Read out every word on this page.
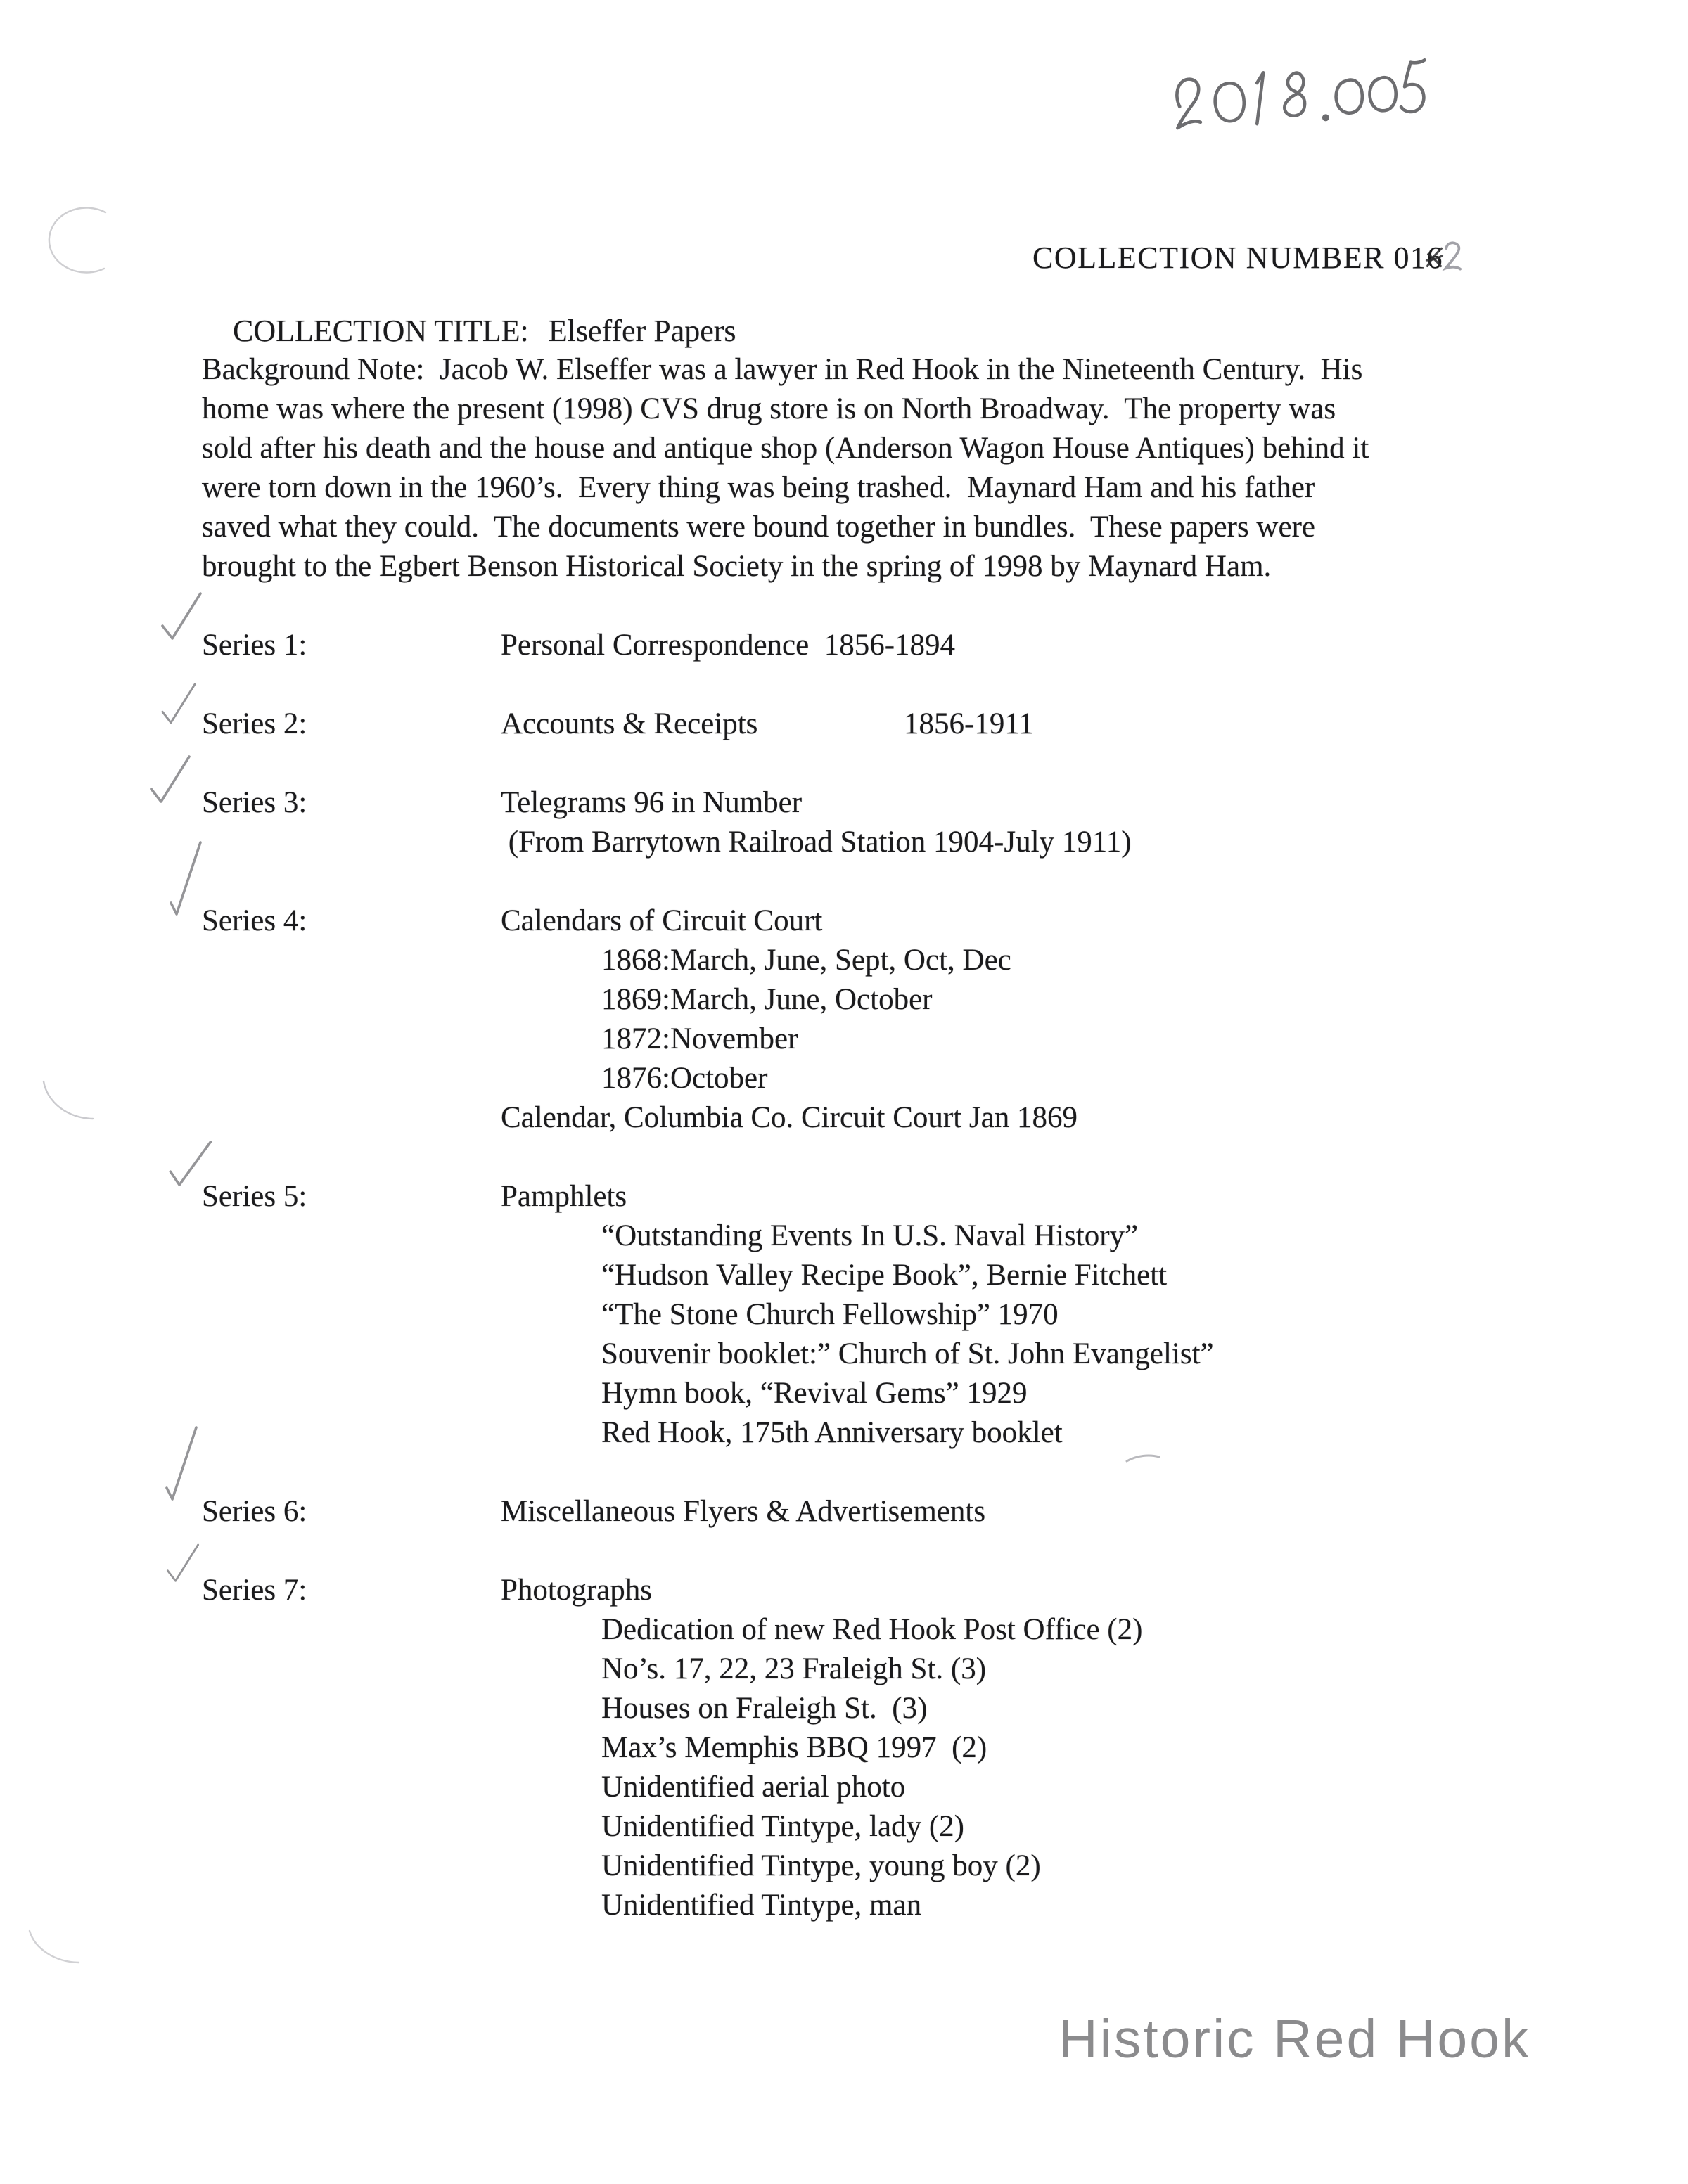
COLLECTION NUMBER 016

COLLECTION TITLE: Elseffer Papers

Background Note:  Jacob W. Elseffer was a lawyer in Red Hook in the Nineteenth Century.  His
home was where the present (1998) CVS drug store is on North Broadway.  The property was
sold after his death and the house and antique shop (Anderson Wagon House Antiques) behind it
were torn down in the 1960’s.  Every thing was being trashed.  Maynard Ham and his father
saved what they could.  The documents were bound together in bundles.  These papers were
brought to the Egbert Benson Historical Society in the spring of 1998 by Maynard Ham.
Series 1:	Personal Correspondence  1856-1894
Series 2:	Accounts & Receipts	1856-1911
Series 3:	Telegrams 96 in Number
(From Barrytown Railroad Station 1904-July 1911)
Series 4:	Calendars of Circuit Court
1868:March, June, Sept, Oct, Dec
1869:March, June, October
1872:November
1876:October
Calendar, Columbia Co. Circuit Court Jan 1869
Series 5:	Pamphlets
“Outstanding Events In U.S. Naval History”
“Hudson Valley Recipe Book”, Bernie Fitchett
“The Stone Church Fellowship” 1970
Souvenir booklet:” Church of St. John Evangelist”
Hymn book, “Revival Gems” 1929
Red Hook, 175th Anniversary booklet
Series 6:	Miscellaneous Flyers & Advertisements
Series 7:	Photographs
Dedication of new Red Hook Post Office (2)
No’s. 17, 22, 23 Fraleigh St. (3)
Houses on Fraleigh St.  (3)
Max’s Memphis BBQ 1997  (2)
Unidentified aerial photo
Unidentified Tintype, lady (2)
Unidentified Tintype, young boy (2)
Unidentified Tintype, man
Historic Red Hook
